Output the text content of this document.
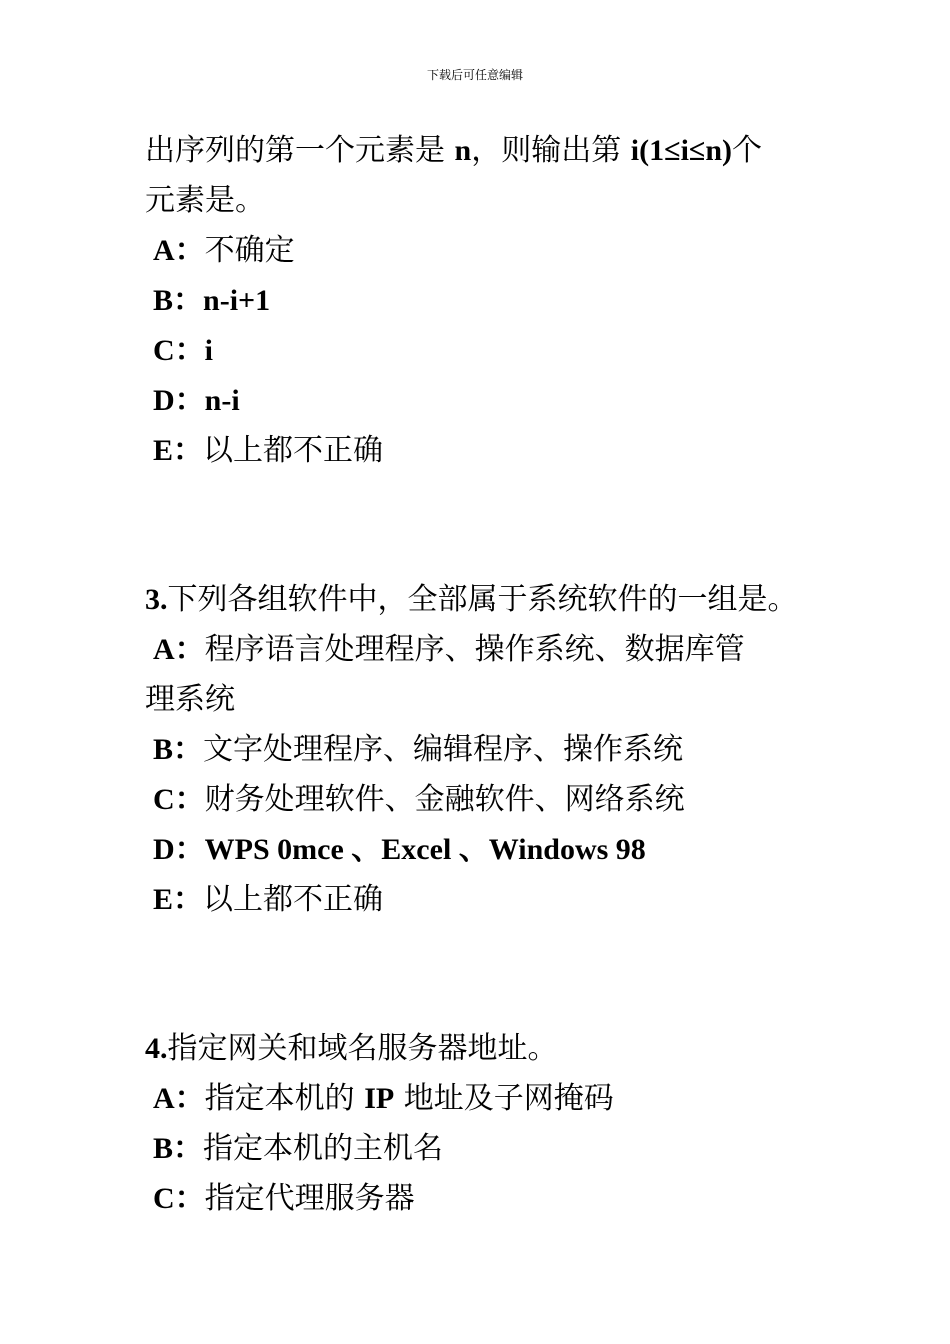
下载后可任意编辑
出序列的第一个元素是 n，则输出第 i(1≤i≤n)个
元素是。
A：不确定
B：n-i+1
C：i
D：n-i
E：以上都不正确
3.下列各组软件中，全部属于系统软件的一组是。
A：程序语言处理程序、操作系统、数据库管
理系统
B：文字处理程序、编辑程序、操作系统
C：财务处理软件、金融软件、网络系统
D：WPS 0mce 、Excel 、Windows 98
E：以上都不正确
4.指定网关和域名服务器地址。
A：指定本机的 IP 地址及子网掩码
B：指定本机的主机名
C：指定代理服务器
